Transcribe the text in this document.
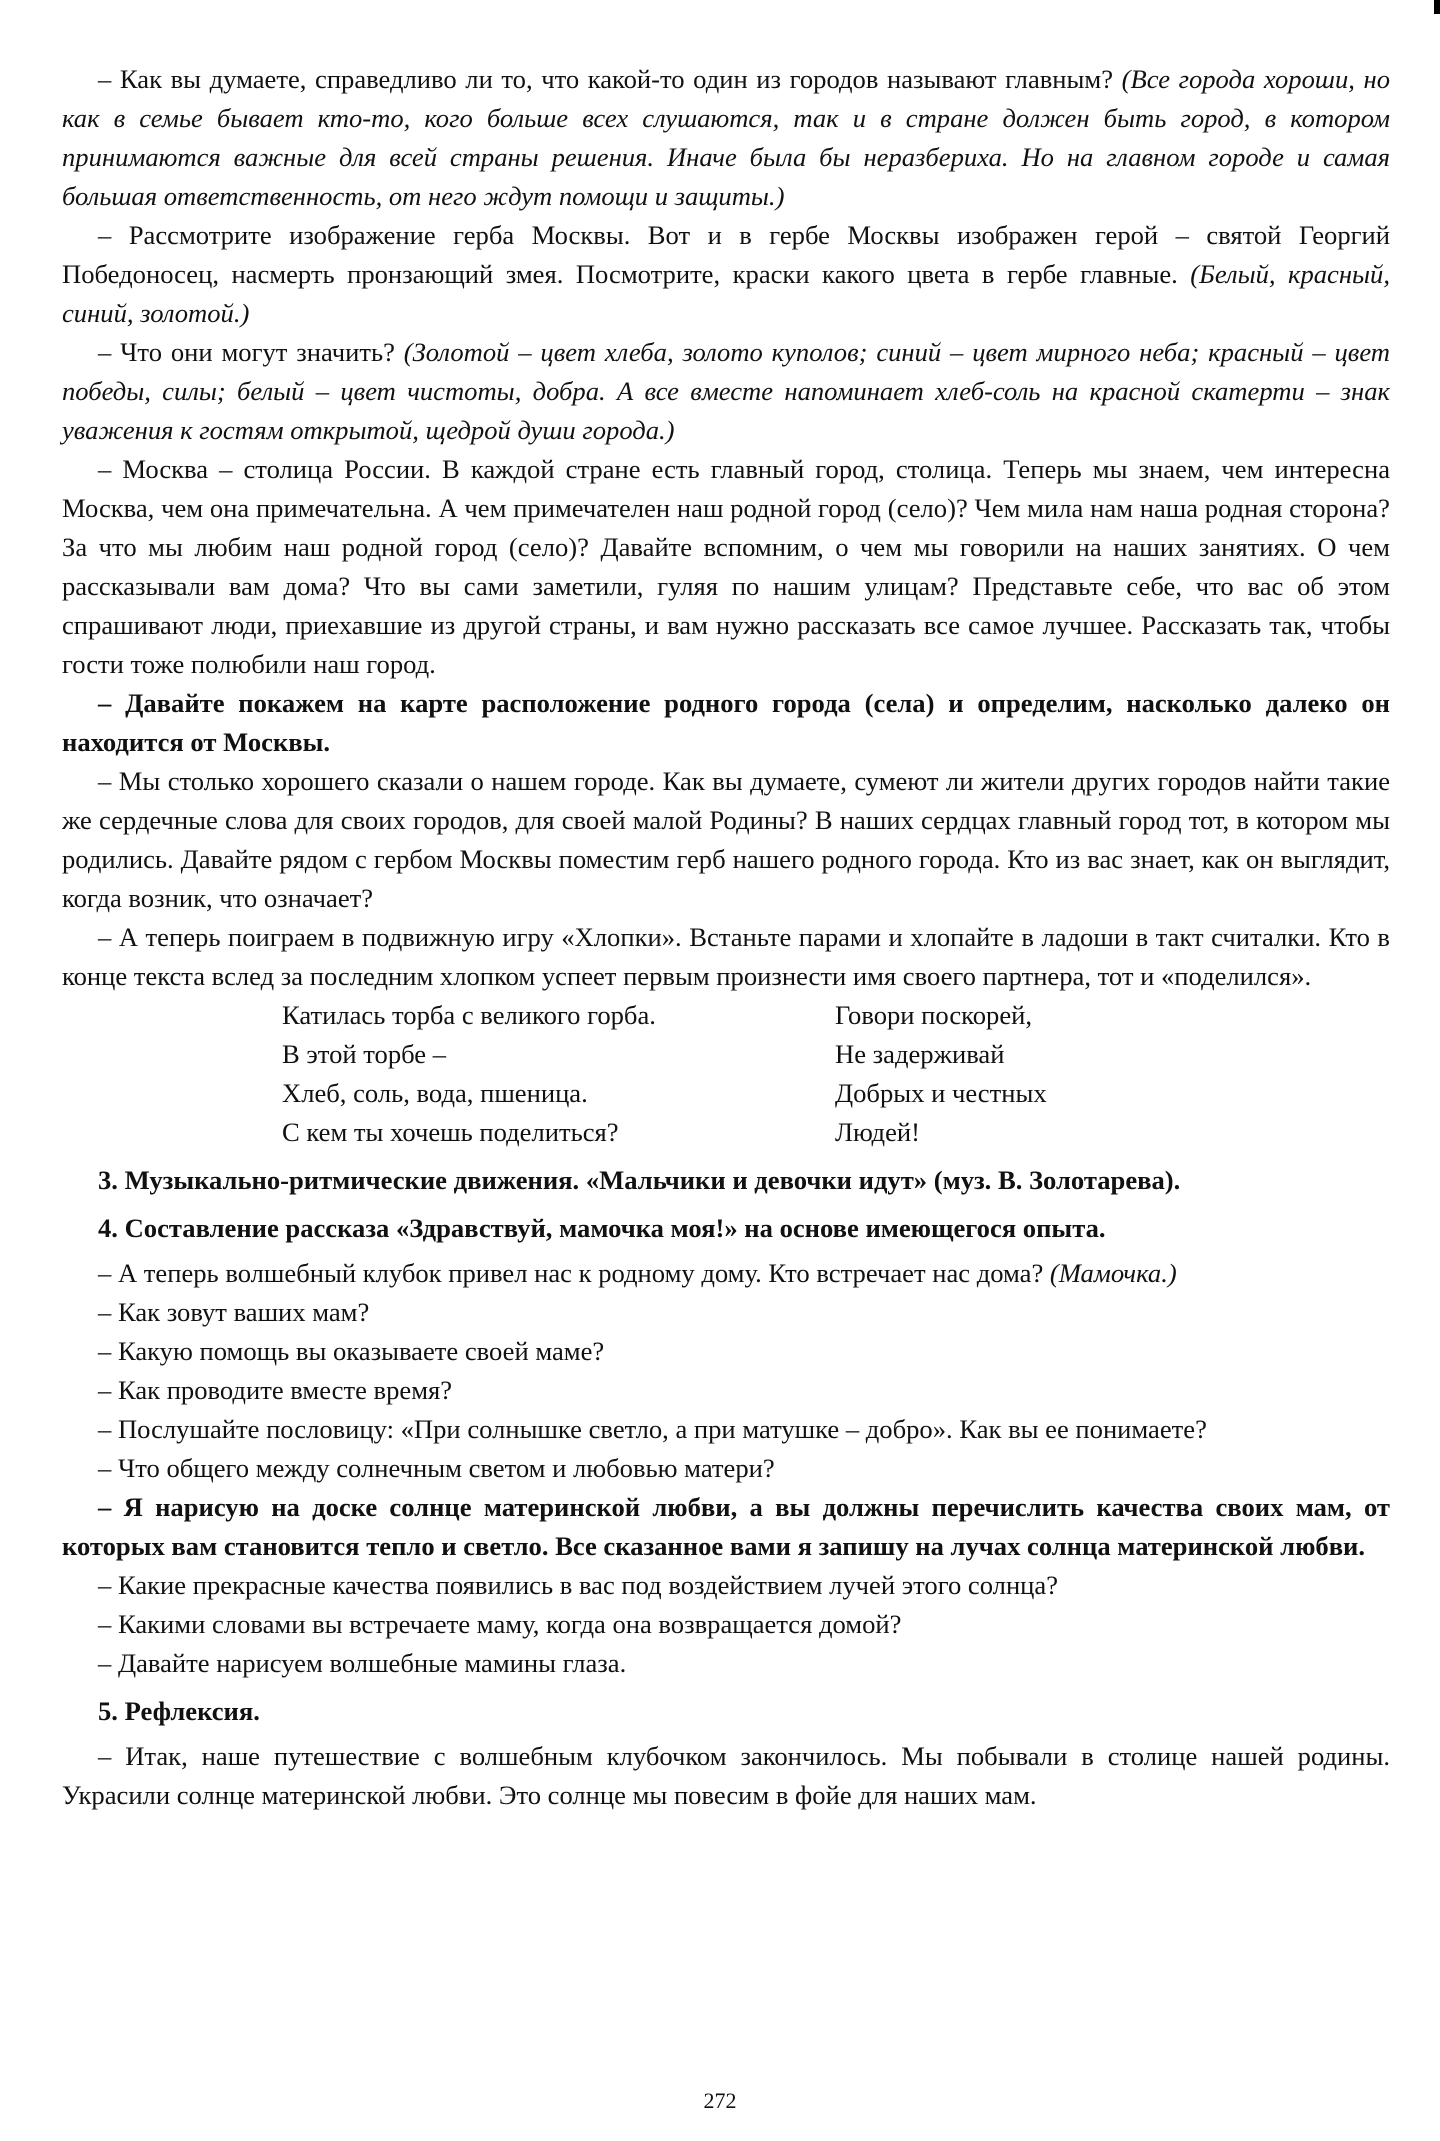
– Как вы думаете, справедливо ли то, что какой-то один из городов называют главным? (Все города хороши, но как в семье бывает кто-то, кого больше всех слушаются, так и в стране должен быть город, в котором принимаются важные для всей страны решения. Иначе была бы неразбериха. Но на главном городе и самая большая ответственность, от него ждут помощи и защиты.)

– Рассмотрите изображение герба Москвы. Вот и в гербе Москвы изображен герой – святой Георгий Победоносец, насмерть пронзающий змея. Посмотрите, краски какого цвета в гербе главные. (Белый, красный, синий, золотой.)

– Что они могут значить? (Золотой – цвет хлеба, золото куполов; синий – цвет мирного неба; красный – цвет победы, силы; белый – цвет чистоты, добра. А все вместе напоминает хлеб-соль на красной скатерти – знак уважения к гостям открытой, щедрой души города.)

– Москва – столица России. В каждой стране есть главный город, столица. Теперь мы знаем, чем интересна Москва, чем она примечательна. А чем примечателен наш родной город (село)? Чем мила нам наша родная сторона? За что мы любим наш родной город (село)? Давайте вспомним, о чем мы говорили на наших занятиях. О чем рассказывали вам дома? Что вы сами заметили, гуляя по нашим улицам? Представьте себе, что вас об этом спрашивают люди, приехавшие из другой страны, и вам нужно рассказать все самое лучшее. Рассказать так, чтобы гости тоже полюбили наш город.

– Давайте покажем на карте расположение родного города (села) и определим, насколько далеко он находится от Москвы.

– Мы столько хорошего сказали о нашем городе. Как вы думаете, сумеют ли жители других городов найти такие же сердечные слова для своих городов, для своей малой Родины? В наших сердцах главный город тот, в котором мы родились. Давайте рядом с гербом Москвы поместим герб нашего родного города. Кто из вас знает, как он выглядит, когда возник, что означает?

– А теперь поиграем в подвижную игру «Хлопки». Встаньте парами и хлопайте в ладоши в такт считалки. Кто в конце текста вслед за последним хлопком успеет первым произнести имя своего партнера, тот и «поделился».

Катилась торба с великого горба.
В этой торбе –
Хлеб, соль, вода, пшеница.
С кем ты хочешь поделиться?
Говори поскорей,
Не задерживай
Добрых и честных
Людей!

3. Музыкально-ритмические движения. «Мальчики и девочки идут» (муз. В. Золотарева).

4. Составление рассказа «Здравствуй, мамочка моя!» на основе имеющегося опыта.

– А теперь волшебный клубок привел нас к родному дому. Кто встречает нас дома? (Мамочка.)

– Как зовут ваших мам?

– Какую помощь вы оказываете своей маме?

– Как проводите вместе время?

– Послушайте пословицу: «При солнышке светло, а при матушке – добро». Как вы ее понимаете?

– Что общего между солнечным светом и любовью матери?

– Я нарисую на доске солнце материнской любви, а вы должны перечислить качества своих мам, от которых вам становится тепло и светло. Все сказанное вами я запишу на лучах солнца материнской любви.

– Какие прекрасные качества появились в вас под воздействием лучей этого солнца?

– Какими словами вы встречаете маму, когда она возвращается домой?

– Давайте нарисуем волшебные мамины глаза.

5. Рефлексия.

– Итак, наше путешествие с волшебным клубочком закончилось. Мы побывали в столице нашей родины. Украсили солнце материнской любви. Это солнце мы повесим в фойе для наших мам.

272
